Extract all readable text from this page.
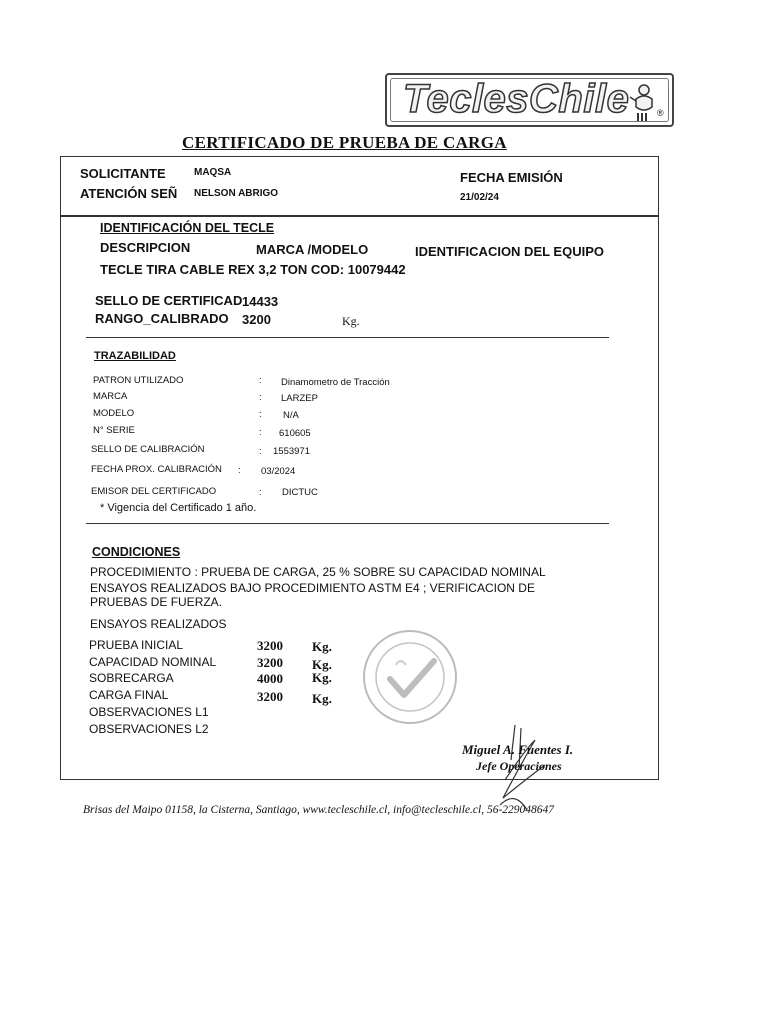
TeclesChile	®
CERTIFICADO DE PRUEBA DE CARGA
SOLICITANTE	MAQSA
ATENCIÓN SEÑ NELSON ABRIGO
FECHA EMISIÓN
21/02/24
IDENTIFICACIÓN DEL TECLE
DESCRIPCION	MARCA /MODELO	IDENTIFICACION DEL EQUIPO
TECLE TIRA CABLE REX 3,2 TON COD: 10079442
SELLO DE CERTIFICAD 14433
RANGO_CALIBRADO 3200	Kg.
TRAZABILIDAD
PATRON UTILIZADO	: Dinamometro de Tracción
MARCA	: LARZEP
MODELO	: N/A
N° SERIE	: 610605
SELLO DE CALIBRACIÓN	: 1553971
FECHA PROX. CALIBRACIÓN : 03/2024
EMISOR DEL CERTIFICADO	: DICTUC
* Vigencia del Certificado 1 año.
CONDICIONES
PROCEDIMIENTO : PRUEBA DE CARGA, 25 % SOBRE SU CAPACIDAD NOMINAL
ENSAYOS REALIZADOS BAJO PROCEDIMIENTO ASTM E4 ; VERIFICACION DE
PRUEBAS DE FUERZA.
ENSAYOS REALIZADOS
PRUEBA INICIAL	3200 Kg.
CAPACIDAD NOMINAL	3200 Kg.
SOBRECARGA	4000 Kg.
CARGA FINAL	3200 Kg.
OBSERVACIONES L1
OBSERVACIONES L2
Miguel A. Fuentes I.
Jefe Operaciones
Brisas del Maipo 01158, la Cisterna, Santiago, www.tecleschile.cl, info@tecleschile.cl, 56-229048647
